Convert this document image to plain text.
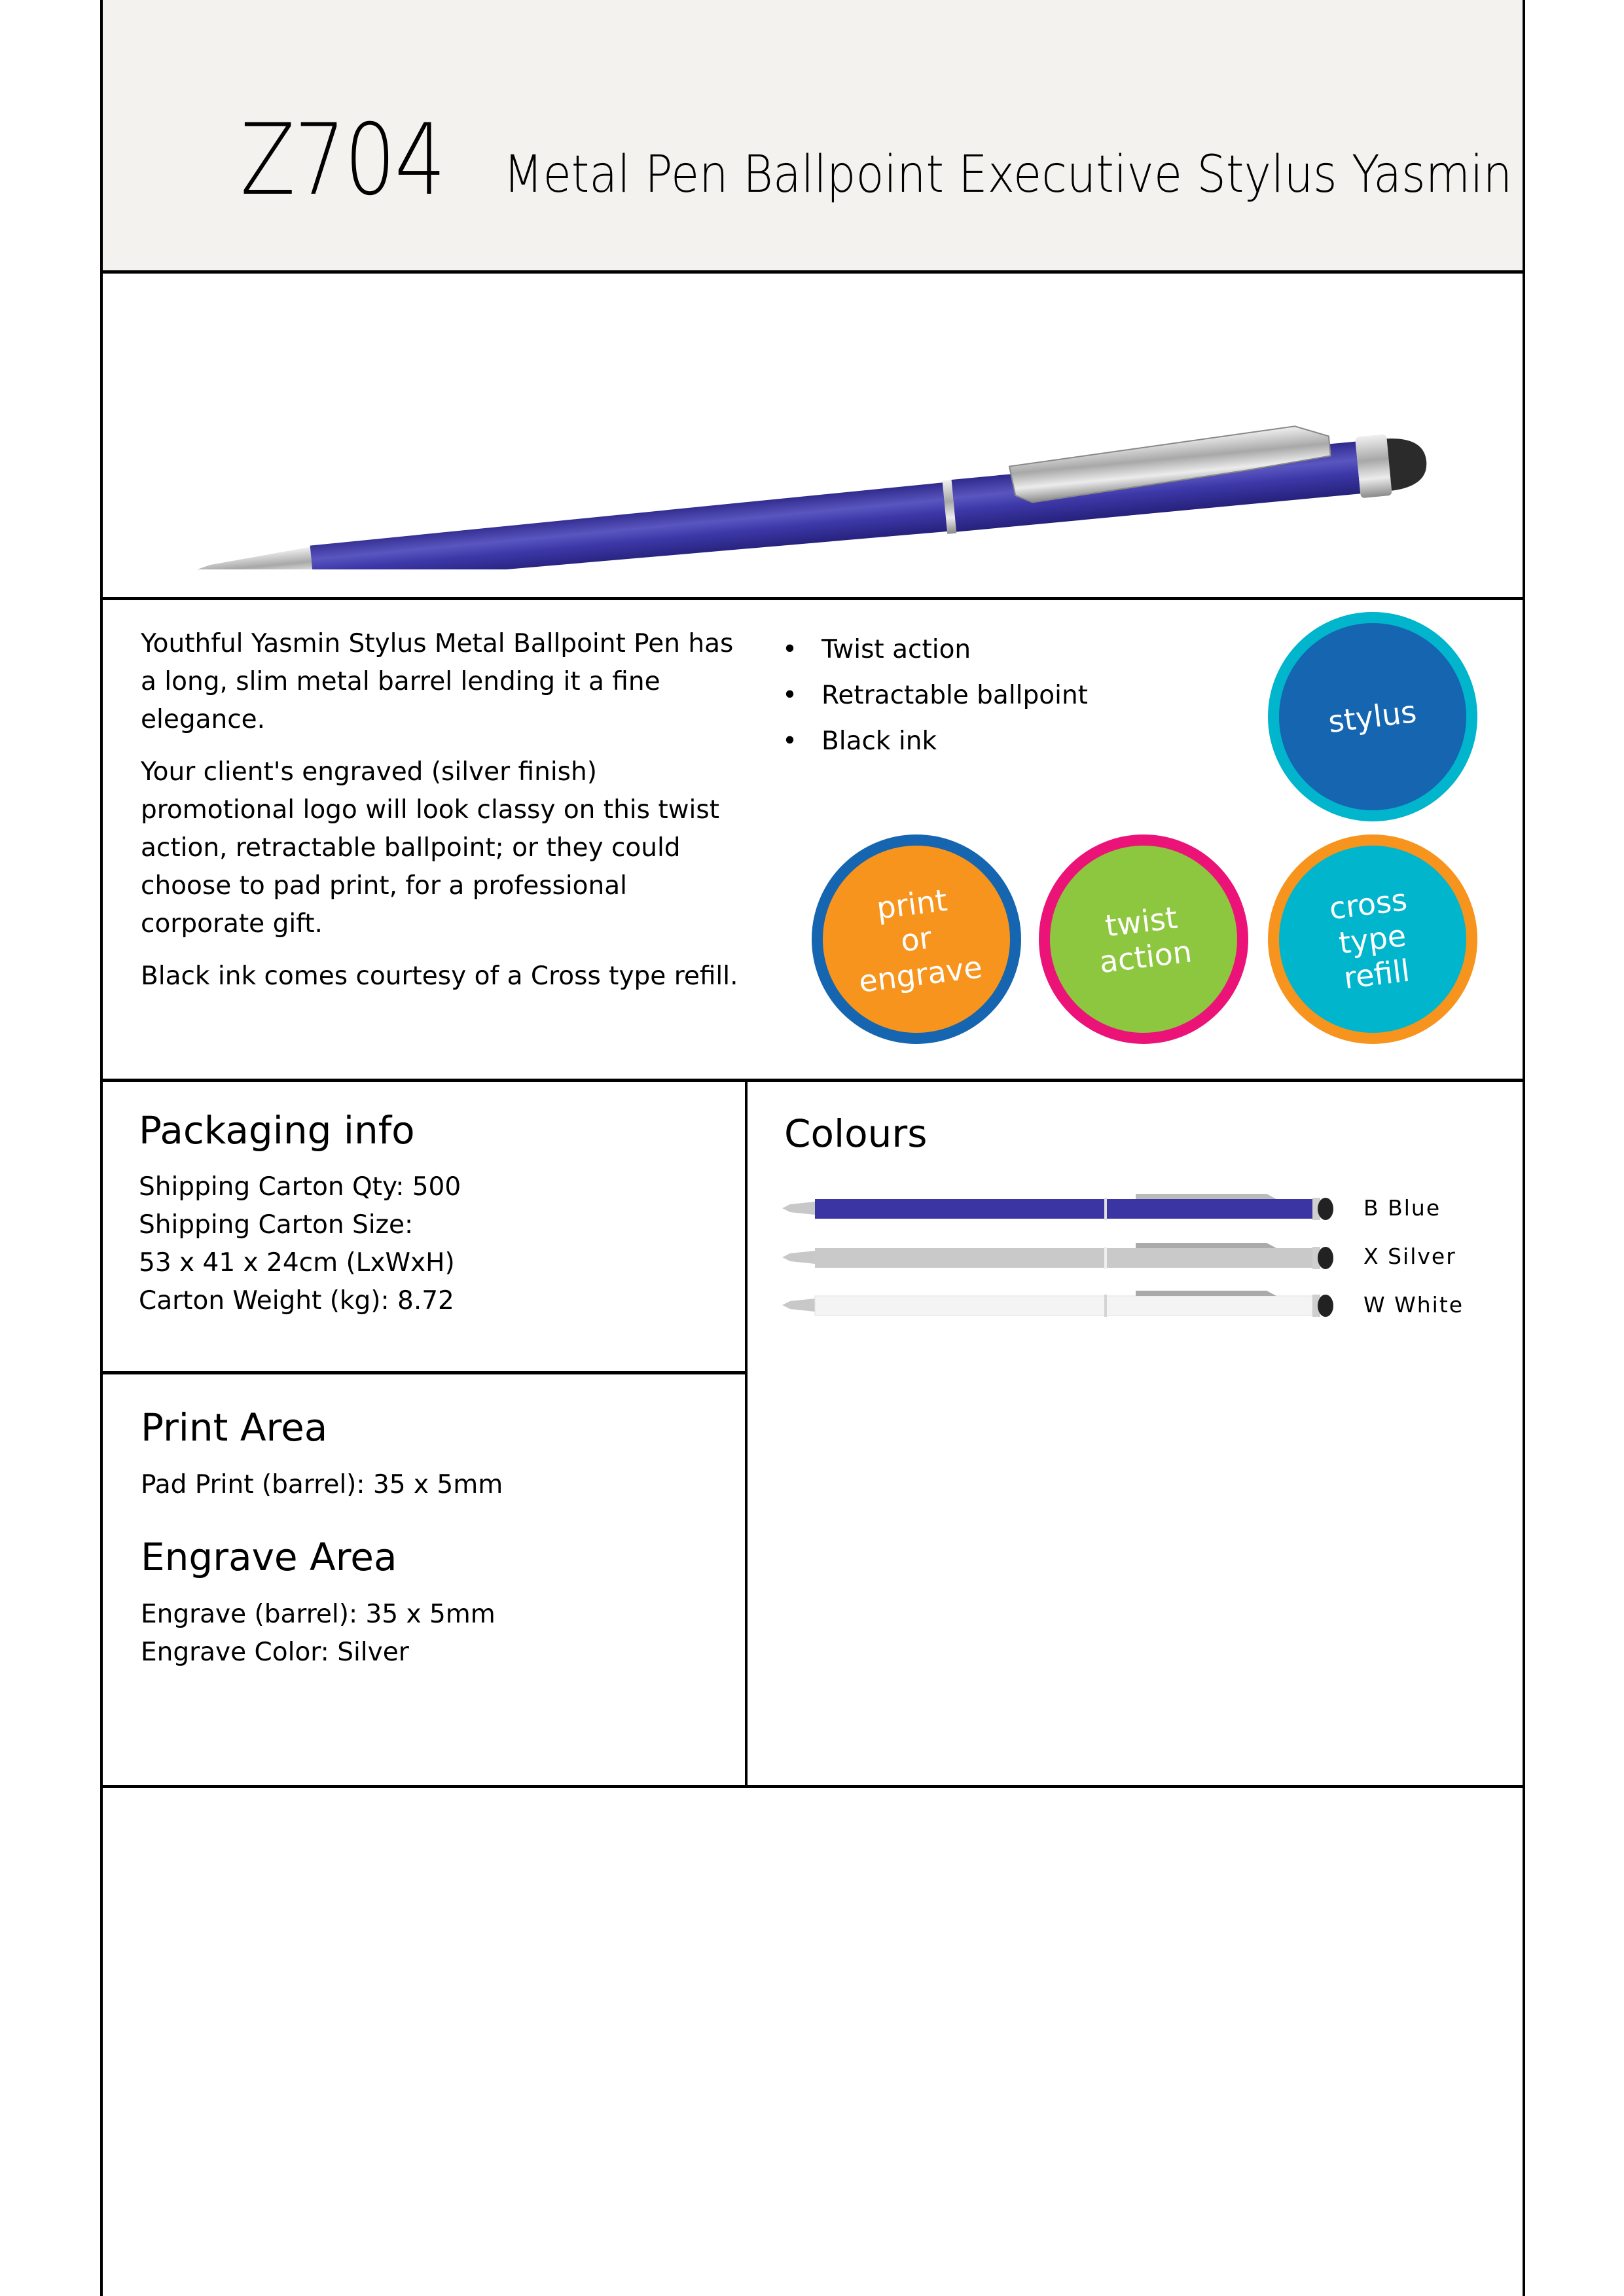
Z704 Metal Pen Ballpoint Executive Stylus Yasmin

Youthful Yasmin Stylus Metal Ballpoint Pen has a long, slim metal barrel lending it a fine elegance.

Your client's engraved (silver finish) promotional logo will look classy on this twist action, retractable ballpoint; or they could choose to pad print, for a professional corporate gift.

Black ink comes courtesy of a Cross type refill.

• Twist action
• Retractable ballpoint
• Black ink
stylus
print
or
engrave
twist
action
cross
type
refill
Packaging info
Shipping Carton Qty: 500
Shipping Carton Size:
53 x 41 x 24cm (LxWxH)
Carton Weight (kg): 8.72
Colours
B Blue
X Silver
W White
Print Area
Pad Print (barrel): 35 x 5mm
Engrave Area
Engrave (barrel): 35 x 5mm
Engrave Color: Silver
